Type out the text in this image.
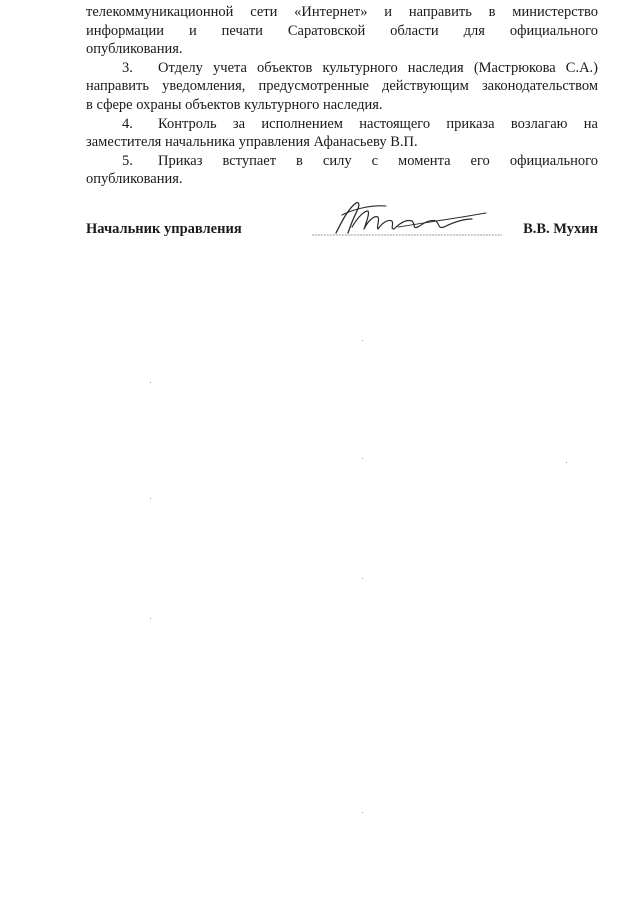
телекоммуникационной сети «Интернет» и направить в министерство
информации и печати Саратовской области для официального
опубликования.
3. Отделу учета объектов культурного наследия (Мастрюкова С.А.)
направить уведомления, предусмотренные действующим законодательством
в сфере охраны объектов культурного наследия.
4. Контроль за исполнением настоящего приказа возлагаю на
заместителя начальника управления Афанасьеву В.П.
5. Приказ вступает в силу с момента его официального
опубликования.
Начальник управления	В.В. Мухин
